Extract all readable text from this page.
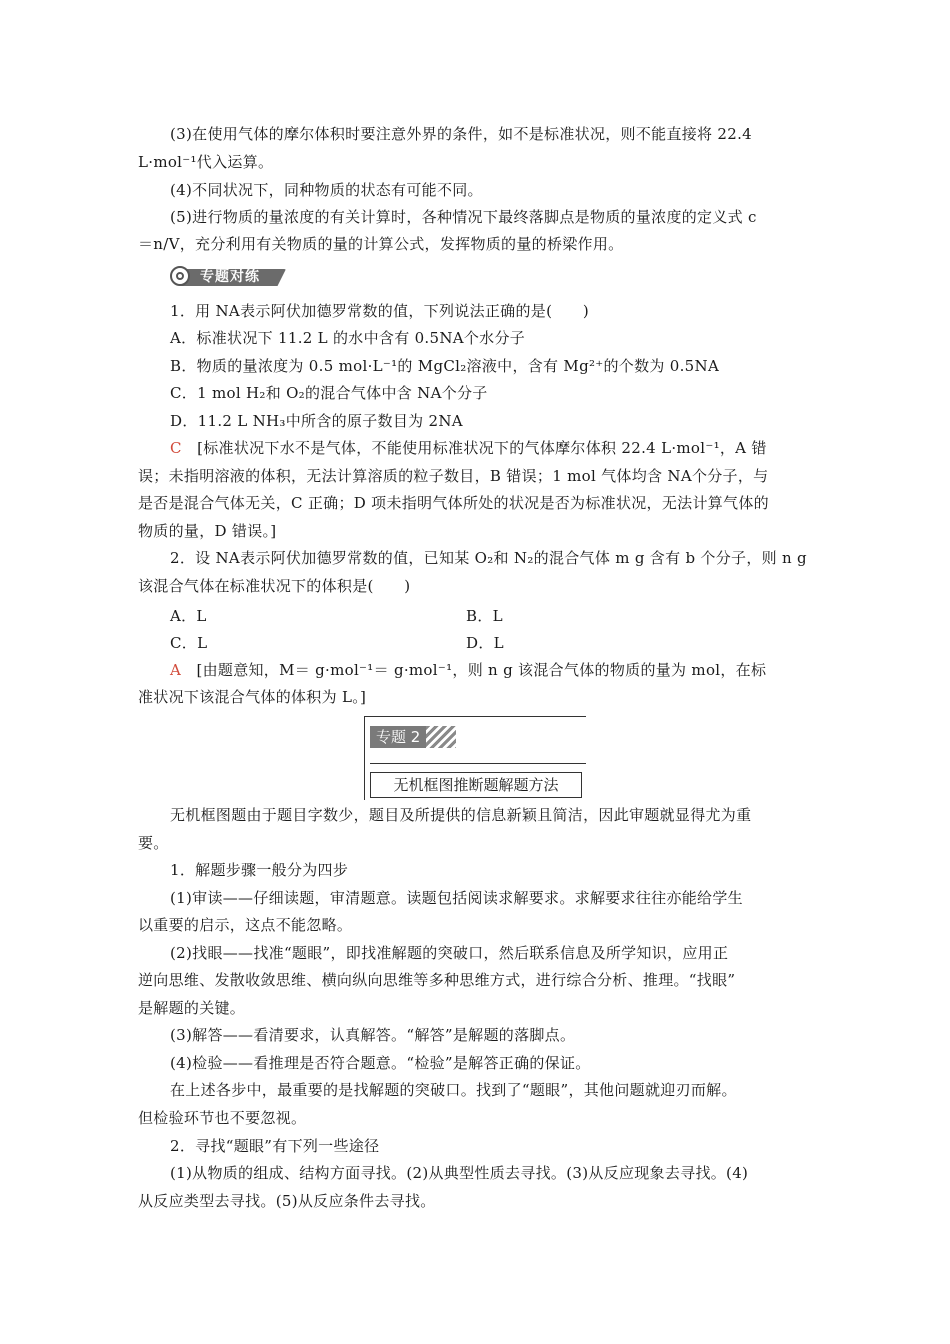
(3)在使用气体的摩尔体积时要注意外界的条件，如不是标准状况，则不能直接将 22.4
L·mol⁻¹代入运算。
(4)不同状况下，同种物质的状态有可能不同。
(5)进行物质的量浓度的有关计算时，各种情况下最终落脚点是物质的量浓度的定义式 c
＝n/V，充分利用有关物质的量的计算公式，发挥物质的量的桥梁作用。
专题对练
1．用 NA表示阿伏加德罗常数的值，下列说法正确的是(　　)
A．标准状况下 11.2 L 的水中含有 0.5NA个水分子
B．物质的量浓度为 0.5 mol·L⁻¹的 MgCl₂溶液中，含有 Mg²⁺的个数为 0.5NA
C．1 mol H₂和 O₂的混合气体中含 NA个分子
D．11.2 L NH₃中所含的原子数目为 2NA
C　[标准状况下水不是气体，不能使用标准状况下的气体摩尔体积 22.4 L·mol⁻¹，A 错
误；未指明溶液的体积，无法计算溶质的粒子数目，B 错误；1 mol 气体均含 NA个分子，与
是否是混合气体无关，C 正确；D 项未指明气体所处的状况是否为标准状况，无法计算气体的
物质的量，D 错误。]
2．设 NA表示阿伏加德罗常数的值，已知某 O₂和 N₂的混合气体 m g 含有 b 个分子，则 n g
该混合气体在标准状况下的体积是(　　)
A．L	B．L
C．L	D．L
A　[由题意知，M＝ g·mol⁻¹＝ g·mol⁻¹，则 n g 该混合气体的物质的量为 mol，在标
准状况下该混合气体的体积为 L。]
专题 2
无机框图推断题解题方法
无机框图题由于题目字数少，题目及所提供的信息新颖且简洁，因此审题就显得尤为重
要。
1．解题步骤一般分为四步
(1)审读——仔细读题，审清题意。读题包括阅读求解要求。求解要求往往亦能给学生
以重要的启示，这点不能忽略。
(2)找眼——找准“题眼”，即找准解题的突破口，然后联系信息及所学知识，应用正
逆向思维、发散收敛思维、横向纵向思维等多种思维方式，进行综合分析、推理。“找眼”
是解题的关键。
(3)解答——看清要求，认真解答。“解答”是解题的落脚点。
(4)检验——看推理是否符合题意。“检验”是解答正确的保证。
在上述各步中，最重要的是找解题的突破口。找到了“题眼”，其他问题就迎刃而解。
但检验环节也不要忽视。
2．寻找“题眼”有下列一些途径
(1)从物质的组成、结构方面寻找。(2)从典型性质去寻找。(3)从反应现象去寻找。(4)
从反应类型去寻找。(5)从反应条件去寻找。
